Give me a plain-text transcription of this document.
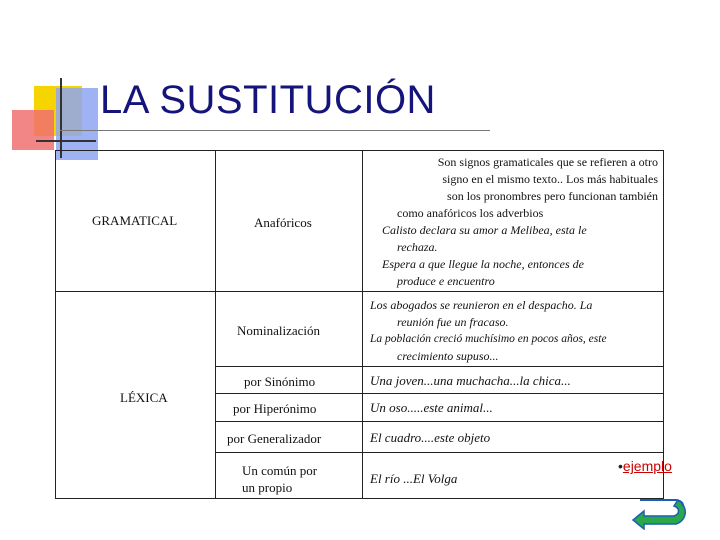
LA SUSTITUCIÓN
GRAMATICAL
LÉXICA
Anafóricos
Nominalización
por Sinónimo
por Hiperónimo
por Generalizador
Un común por
un propio
Son signos gramaticales que se refieren a otro
signo en el mismo texto.. Los más habituales
son los pronombres pero funcionan también
como anafóricos los adverbios
Calisto declara su amor a Melibea, esta le
rechaza.
Espera a que llegue la noche, entonces de
produce e encuentro
Los abogados se reunieron en el despacho. La
reunión fue un fracaso.
La población creció muchísimo en pocos años, este
crecimiento supuso...
Una joven...una muchacha...la chica...
Un oso.....este animal...
El cuadro....este objeto
El río ...El Volga
•ejemplo
